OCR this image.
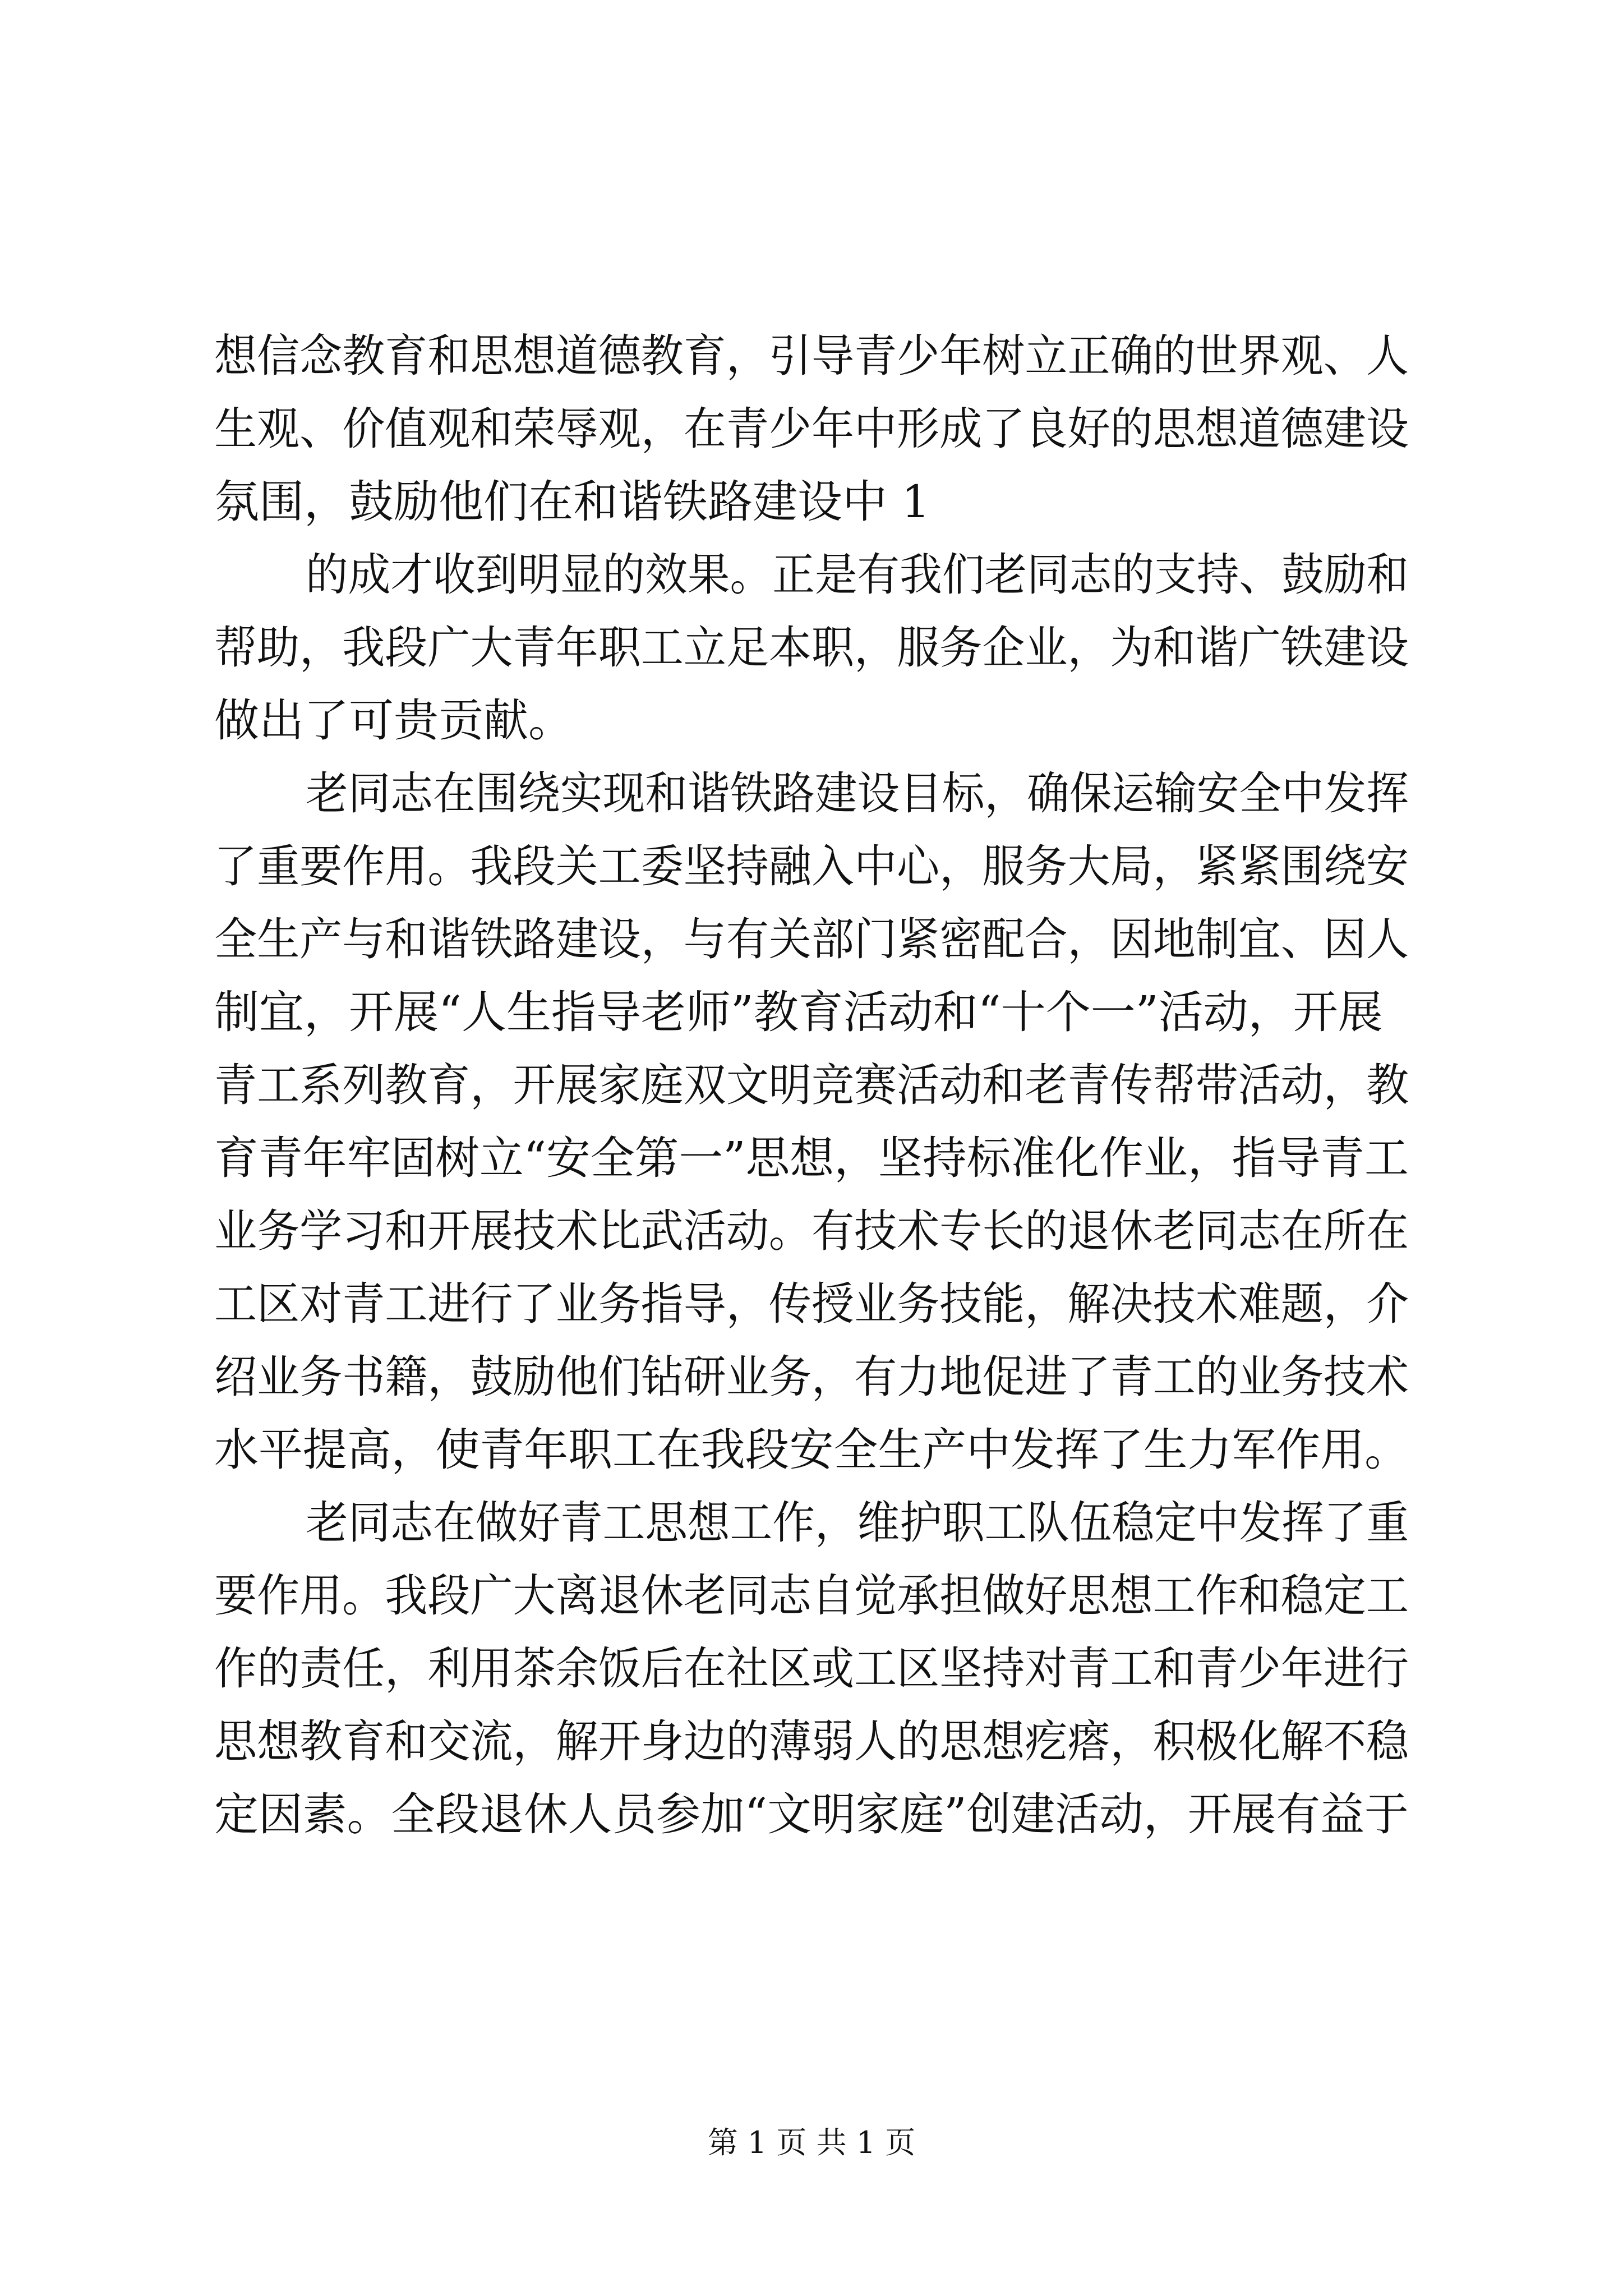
想信念教育和思想道德教育，引导青少年树立正确的世界观、人
生观、价值观和荣辱观，在青少年中形成了良好的思想道德建设
氛围，鼓励他们在和谐铁路建设中 1
的成才收到明显的效果。正是有我们老同志的支持、鼓励和
帮助，我段广大青年职工立足本职，服务企业，为和谐广铁建设
做出了可贵贡献。
老同志在围绕实现和谐铁路建设目标，确保运输安全中发挥
了重要作用。我段关工委坚持融入中心，服务大局，紧紧围绕安
全生产与和谐铁路建设，与有关部门紧密配合，因地制宜、因人
制宜，开展“人生指导老师”教育活动和“十个一”活动，开展
青工系列教育，开展家庭双文明竞赛活动和老青传帮带活动，教
育青年牢固树立“安全第一”思想，坚持标准化作业，指导青工
业务学习和开展技术比武活动。有技术专长的退休老同志在所在
工区对青工进行了业务指导，传授业务技能，解决技术难题，介
绍业务书籍，鼓励他们钻研业务，有力地促进了青工的业务技术
水平提高，使青年职工在我段安全生产中发挥了生力军作用。
老同志在做好青工思想工作，维护职工队伍稳定中发挥了重
要作用。我段广大离退休老同志自觉承担做好思想工作和稳定工
作的责任，利用茶余饭后在社区或工区坚持对青工和青少年进行
思想教育和交流，解开身边的薄弱人的思想疙瘩，积极化解不稳
定因素。全段退休人员参加“文明家庭”创建活动，开展有益于
第 1 页 共 1 页
